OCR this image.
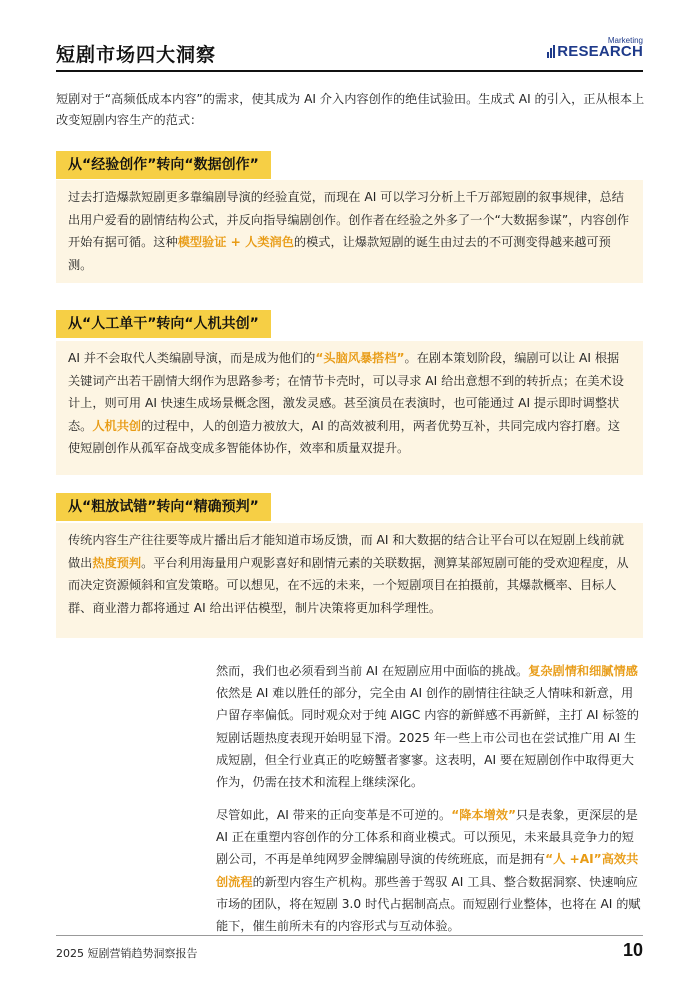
短剧市场四大洞察
Marketing
RESEARCH
短剧对于“高频低成本内容”的需求，使其成为 AI 介入内容创作的绝佳试验田。生成式 AI 的引入，正从根本上改变短剧内容生产的范式：
从“经验创作”转向“数据创作”
过去打造爆款短剧更多靠编剧导演的经验直觉，而现在 AI 可以学习分析上千万部短剧的叙事规律，总结出用户爱看的剧情结构公式，并反向指导编剧创作。创作者在经验之外多了一个“大数据参谋”，内容创作开始有据可循。这种模型验证 + 人类润色的模式，让爆款短剧的诞生由过去的不可测变得越来越可预测。
从“人工单干”转向“人机共创”
AI 并不会取代人类编剧导演，而是成为他们的“头脑风暴搭档”。在剧本策划阶段，编剧可以让 AI 根据关键词产出若干剧情大纲作为思路参考；在情节卡壳时，可以寻求 AI 给出意想不到的转折点；在美术设计上，则可用 AI 快速生成场景概念图，激发灵感。甚至演员在表演时，也可能通过 AI 提示即时调整状态。人机共创的过程中，人的创造力被放大，AI 的高效被利用，两者优势互补，共同完成内容打磨。这使短剧创作从孤军奋战变成多智能体协作，效率和质量双提升。
从“粗放试错”转向“精确预判”
传统内容生产往往要等成片播出后才能知道市场反馈，而 AI 和大数据的结合让平台可以在短剧上线前就做出热度预判。平台利用海量用户观影喜好和剧情元素的关联数据，测算某部短剧可能的受欢迎程度，从而决定资源倾斜和宣发策略。可以想见，在不远的未来，一个短剧项目在拍摄前，其爆款概率、目标人群、商业潜力都将通过 AI 给出评估模型，制片决策将更加科学理性。
然而，我们也必须看到当前 AI 在短剧应用中面临的挑战。复杂剧情和细腻情感依然是 AI 难以胜任的部分，完全由 AI 创作的剧情往往缺乏人情味和新意，用户留存率偏低。同时观众对于纯 AIGC 内容的新鲜感不再新鲜，主打 AI 标签的短剧话题热度表现开始明显下滑。2025 年一些上市公司也在尝试推广用 AI 生成短剧，但全行业真正的吃螃蟹者寥寥。这表明，AI 要在短剧创作中取得更大作为，仍需在技术和流程上继续深化。
尽管如此，AI 带来的正向变革是不可逆的。“降本增效”只是表象，更深层的是 AI 正在重塑内容创作的分工体系和商业模式。可以预见，未来最具竞争力的短剧公司，不再是单纯网罗金牌编剧导演的传统班底，而是拥有“人 +AI”高效共创流程的新型内容生产机构。那些善于驾驭 AI 工具、整合数据洞察、快速响应市场的团队，将在短剧 3.0 时代占据制高点。而短剧行业整体，也将在 AI 的赋能下，催生前所未有的内容形式与互动体验。
2025 短剧营销趋势洞察报告	10
